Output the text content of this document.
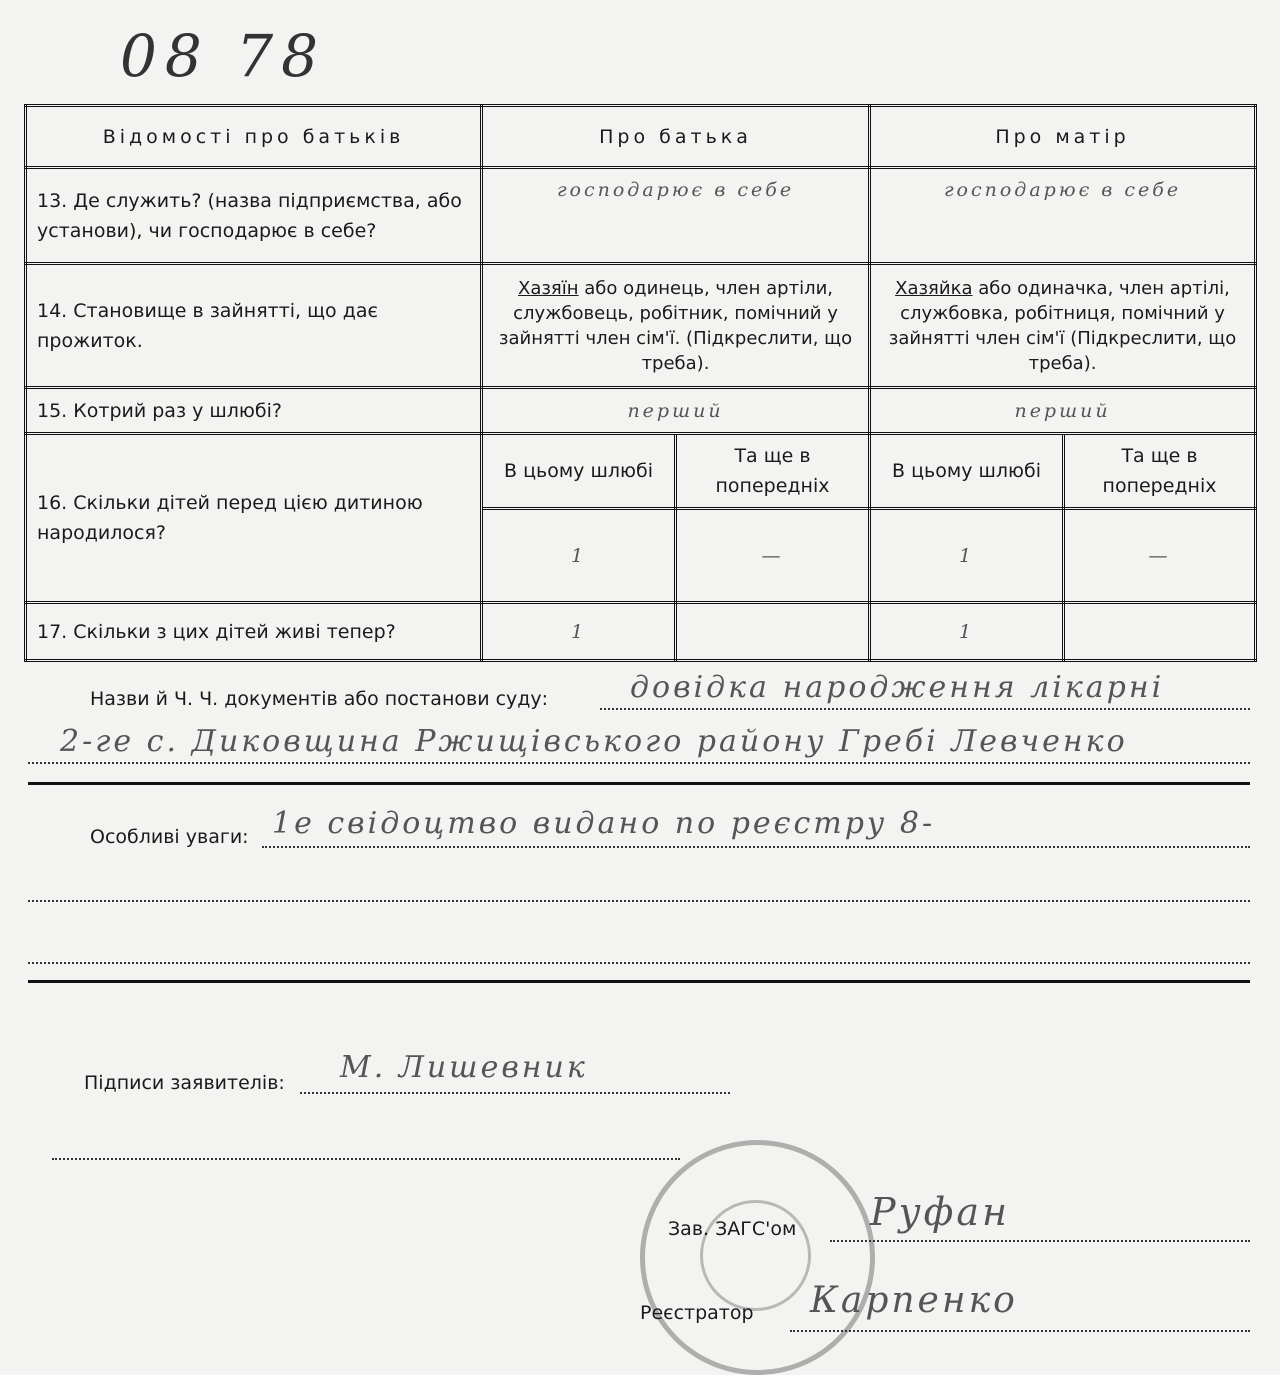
08 78
Відомості про батьків	Про батька		Про матір	
13. Де служить? (назва підприємства, або установи), чи господарює в себе?	господарює в себе		господарює в себе	
14. Становище в зайнятті, що дає прожиток.	Хазяїн або одинець, член артіли, службовець, робітник, помічний у зайнятті член сім'ї. (Підкреслити, що треба).		Хазяйка або одиначка, член артілі, службовка, робітниця, помічний у зайнятті член сім'ї (Підкреслити, що треба).	
15. Котрий раз у шлюбі?	перший		перший	
16. Скільки дітей перед цією дитиною народилося?	В цьому шлюбі	Та ще в попередніх	В цьому шлюбі	Та ще в попередніх
	1	—	1	—
17. Скільки з цих дітей живі тепер?	1		1	
Назви й Ч. Ч. документів або постанови суду:	довідка народження лікарні
2-ге с. Диковщина Ржищівського району Гребі Левченко
Особливі уваги: 1е свідоцтво видано по реєстру 8-
Підписи заявителів: М. Лишевник
Зав. ЗАГС'ом Руфан
Реєстратор Карпенко
